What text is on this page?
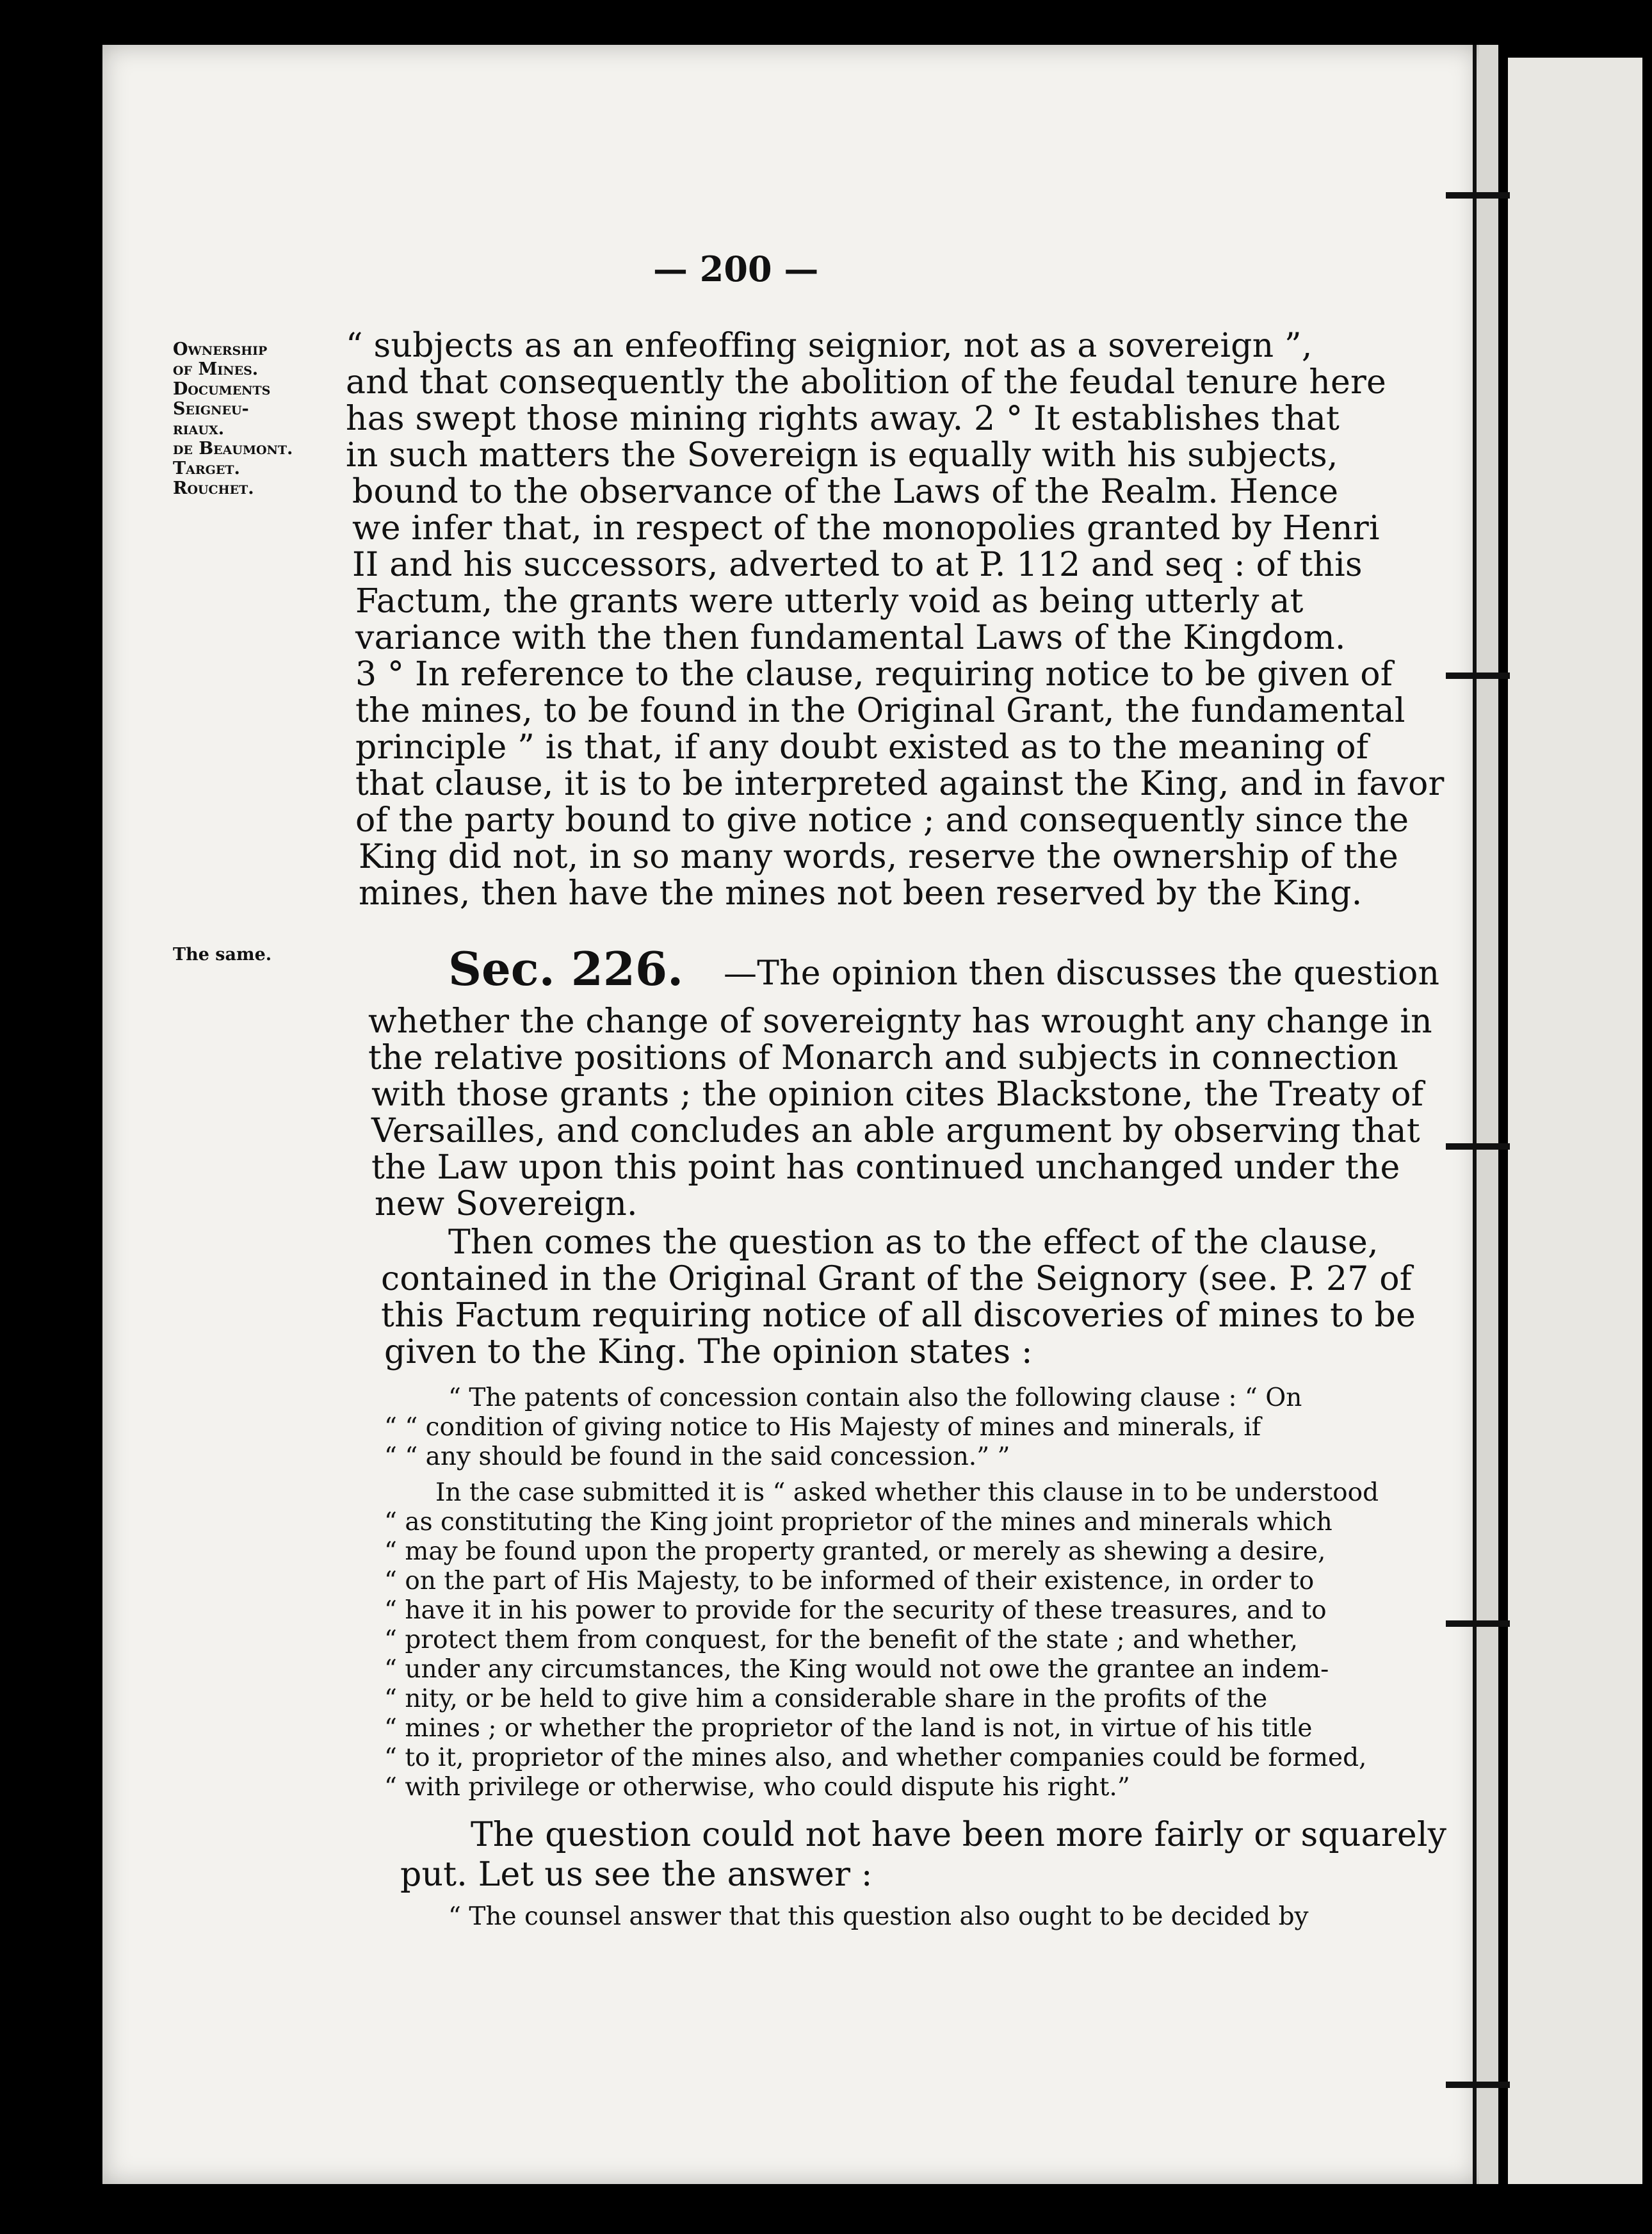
— 200 —
Ownership
of Mines.
Documents
Seigneu-
riaux.
de Beaumont.
Target.
Rouchet.
The same.
“ subjects as an enfeoffing seignior, not as a sovereign ”,
and that consequently the abolition of the feudal tenure here
has swept those mining rights away. 2 ° It establishes that
in such matters the Sovereign is equally with his subjects,
bound to the observance of the Laws of the Realm. Hence
we infer that, in respect of the monopolies granted by Henri
II and his successors, adverted to at P. 112 and seq : of this
Factum, the grants were utterly void as being utterly at
variance with the then fundamental Laws of the Kingdom.
3 ° In reference to the clause, requiring notice to be given of
the mines, to be found in the Original Grant, the fundamental
principle ” is that, if any doubt existed as to the meaning of
that clause, it is to be interpreted against the King, and in favor
of the party bound to give notice ; and consequently since the
King did not, in so many words, reserve the ownership of the
mines, then have the mines not been reserved by the King.
Sec. 226. —The opinion then discusses the question
whether the change of sovereignty has wrought any change in
the relative positions of Monarch and subjects in connection
with those grants ; the opinion cites Blackstone, the Treaty of
Versailles, and concludes an able argument by observing that
the Law upon this point has continued unchanged under the
new Sovereign.
Then comes the question as to the effect of the clause,
contained in the Original Grant of the Seignory (see. P. 27 of
this Factum requiring notice of all discoveries of mines to be
given to the King. The opinion states :
“ The patents of concession contain also the following clause : “ On
“ “ condition of giving notice to His Majesty of mines and minerals, if
“ “ any should be found in the said concession.” ”
In the case submitted it is “ asked whether this clause in to be understood
“ as constituting the King joint proprietor of the mines and minerals which
“ may be found upon the property granted, or merely as shewing a desire,
“ on the part of His Majesty, to be informed of their existence, in order to
“ have it in his power to provide for the security of these treasures, and to
“ protect them from conquest, for the benefit of the state ; and whether,
“ under any circumstances, the King would not owe the grantee an indem-
“ nity, or be held to give him a considerable share in the profits of the
“ mines ; or whether the proprietor of the land is not, in virtue of his title
“ to it, proprietor of the mines also, and whether companies could be formed,
“ with privilege or otherwise, who could dispute his right.”
The question could not have been more fairly or squarely
put. Let us see the answer :
“ The counsel answer that this question also ought to be decided by
